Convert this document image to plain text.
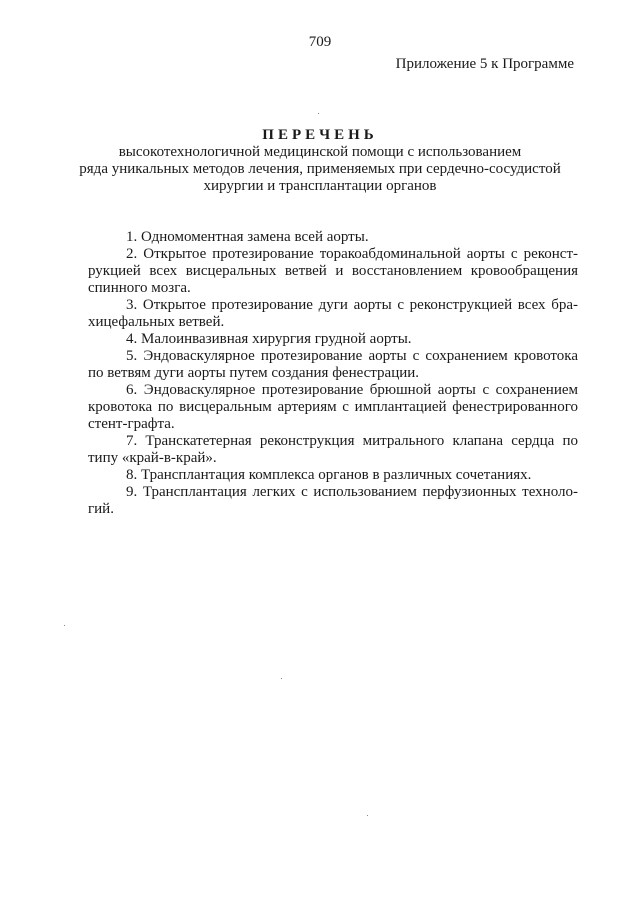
709
Приложение 5 к Программе
ПЕРЕЧЕНЬ
высокотехнологичной медицинской помощи с использованием
ряда уникальных методов лечения, применяемых при сердечно-сосудистой
хирургии и трансплантации органов

1. Одномоментная замена всей аорты.

2. Открытое протезирование торакоабдоминальной аорты с реконст-рукцией всех висцеральных ветвей и восстановлением кровообращения спинного мозга.

3. Открытое протезирование дуги аорты с реконструкцией всех бра-хицефальных ветвей.

4. Малоинвазивная хирургия грудной аорты.

5. Эндоваскулярное протезирование аорты с сохранением кровотока по ветвям дуги аорты путем создания фенестрации.

6. Эндоваскулярное протезирование брюшной аорты с сохранением кровотока по висцеральным артериям с имплантацией фенестрированного стент-графта.

7. Транскатетерная реконструкция митрального клапана сердца по типу «край-в-край».

8. Трансплантация комплекса органов в различных сочетаниях.

9. Трансплантация легких с использованием перфузионных техноло-гий.
